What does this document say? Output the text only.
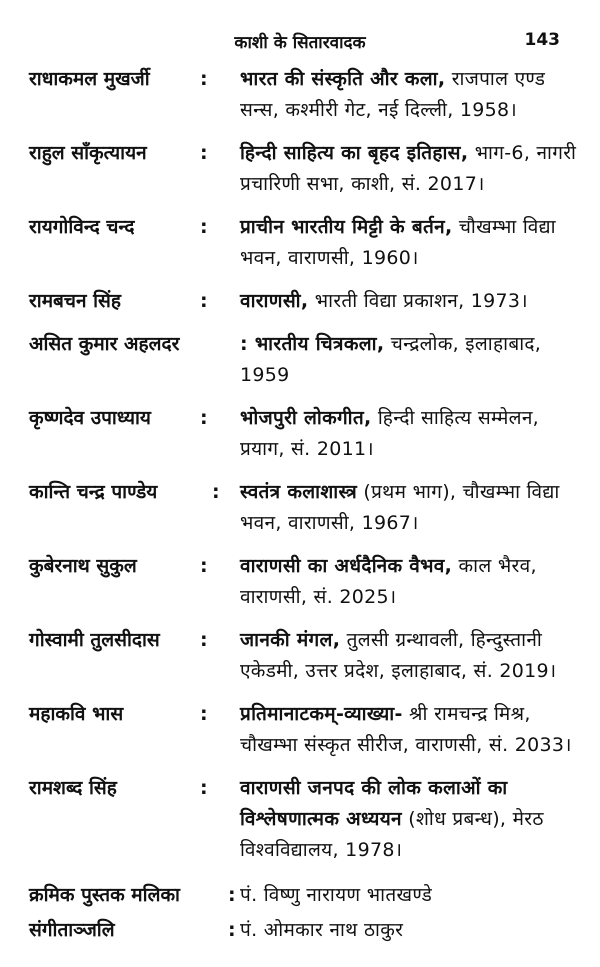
काशी के सितारवादक	143
राधाकमल मुखर्जी	: भारत की संस्कृति और कला, राजपाल एण्ड सन्स, कश्मीरी गेट, नई दिल्ली, 1958।
राहुल साँकृत्यायन	: हिन्दी साहित्य का बृहद इतिहास, भाग-6, नागरी प्रचारिणी सभा, काशी, सं. 2017।
रायगोविन्द चन्द	: प्राचीन भारतीय मिट्टी के बर्तन, चौखम्भा विद्या भवन, वाराणसी, 1960।
रामबचन सिंह	: वाराणसी, भारती विद्या प्रकाशन, 1973।
असित कुमार अहलदर	: भारतीय चित्रकला, चन्द्रलोक, इलाहाबाद, 1959
कृष्णदेव उपाध्याय	: भोजपुरी लोकगीत, हिन्दी साहित्य सम्मेलन, प्रयाग, सं. 2011।
कान्ति चन्द्र पाण्डेय	: स्वतंत्र कलाशास्त्र (प्रथम भाग), चौखम्भा विद्या भवन, वाराणसी, 1967।
कुबेरनाथ सुकुल	: वाराणसी का अर्धदैनिक वैभव, काल भैरव, वाराणसी, सं. 2025।
गोस्वामी तुलसीदास : जानकी मंगल, तुलसी ग्रन्थावली, हिन्दुस्तानी एकेडमी, उत्तर प्रदेश, इलाहाबाद, सं. 2019।
महाकवि भास	: प्रतिमानाटकम्-व्याख्या- श्री रामचन्द्र मिश्र, चौखम्भा संस्कृत सीरीज, वाराणसी, सं. 2033।
रामशब्द सिंह	: वाराणसी जनपद की लोक कलाओं का विश्लेषणात्मक अध्ययन (शोध प्रबन्ध), मेरठ विश्वविद्यालय, 1978।
क्रमिक पुस्तक मलिका	: पं. विष्णु नारायण भातखण्डे
संगीताञ्जलि	: पं. ओमकार नाथ ठाकुर
